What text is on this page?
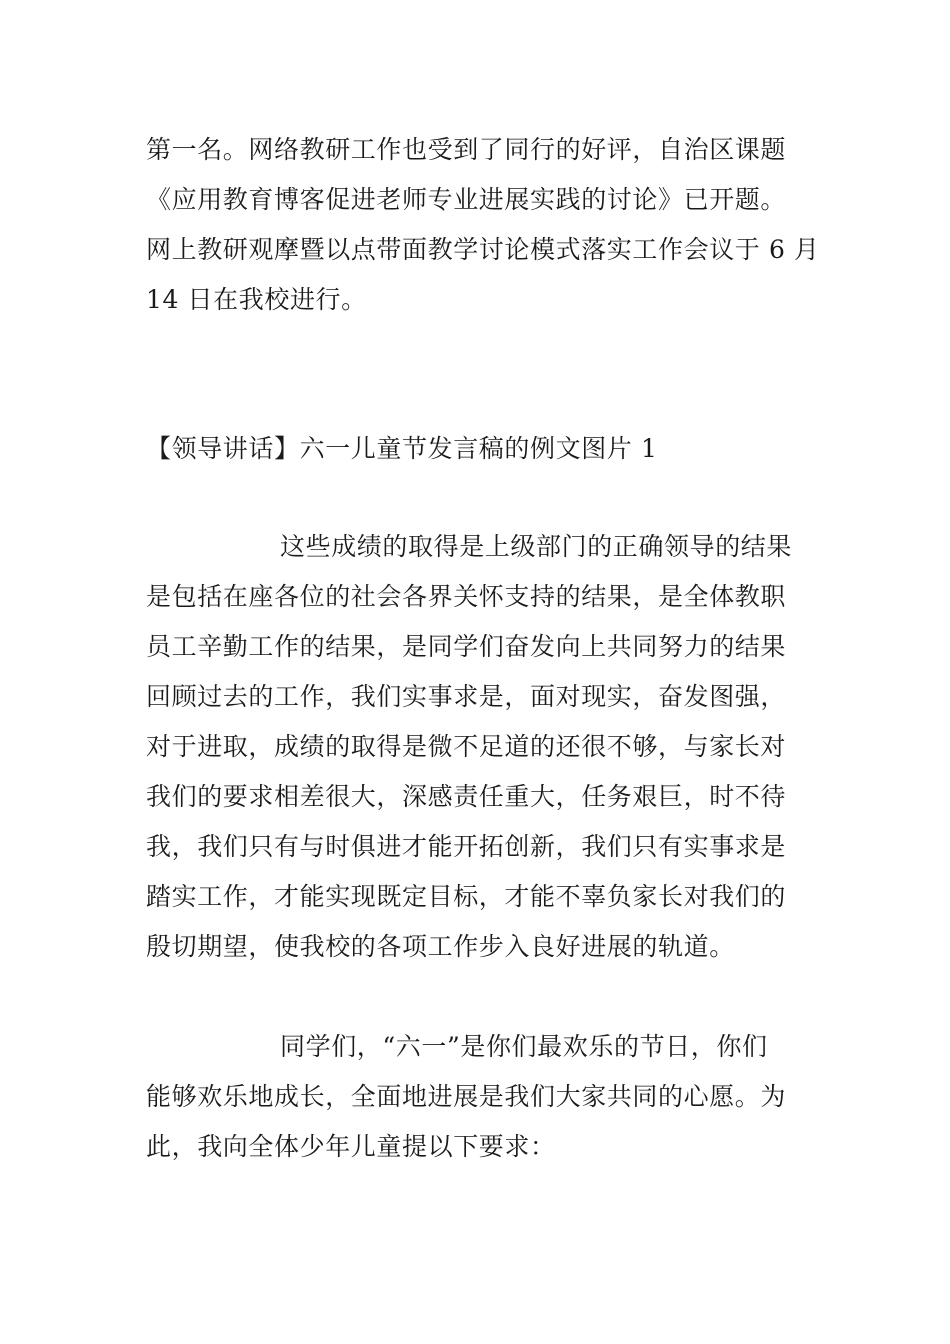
第一名。网络教研工作也受到了同行的好评，自治区课题
《应用教育博客促进老师专业进展实践的讨论》已开题。
网上教研观摩暨以点带面教学讨论模式落实工作会议于 6 月
14 日在我校进行。
【领导讲话】六一儿童节发言稿的例文图片 1
这些成绩的取得是上级部门的正确领导的结果
是包括在座各位的社会各界关怀支持的结果，是全体教职
员工辛勤工作的结果，是同学们奋发向上共同努力的结果
回顾过去的工作，我们实事求是，面对现实，奋发图强，
对于进取，成绩的取得是微不足道的还很不够，与家长对
我们的要求相差很大，深感责任重大，任务艰巨，时不待
我，我们只有与时俱进才能开拓创新，我们只有实事求是
踏实工作，才能实现既定目标，才能不辜负家长对我们的
殷切期望，使我校的各项工作步入良好进展的轨道。
同学们，“六一”是你们最欢乐的节日，你们
能够欢乐地成长，全面地进展是我们大家共同的心愿。为
此，我向全体少年儿童提以下要求：
